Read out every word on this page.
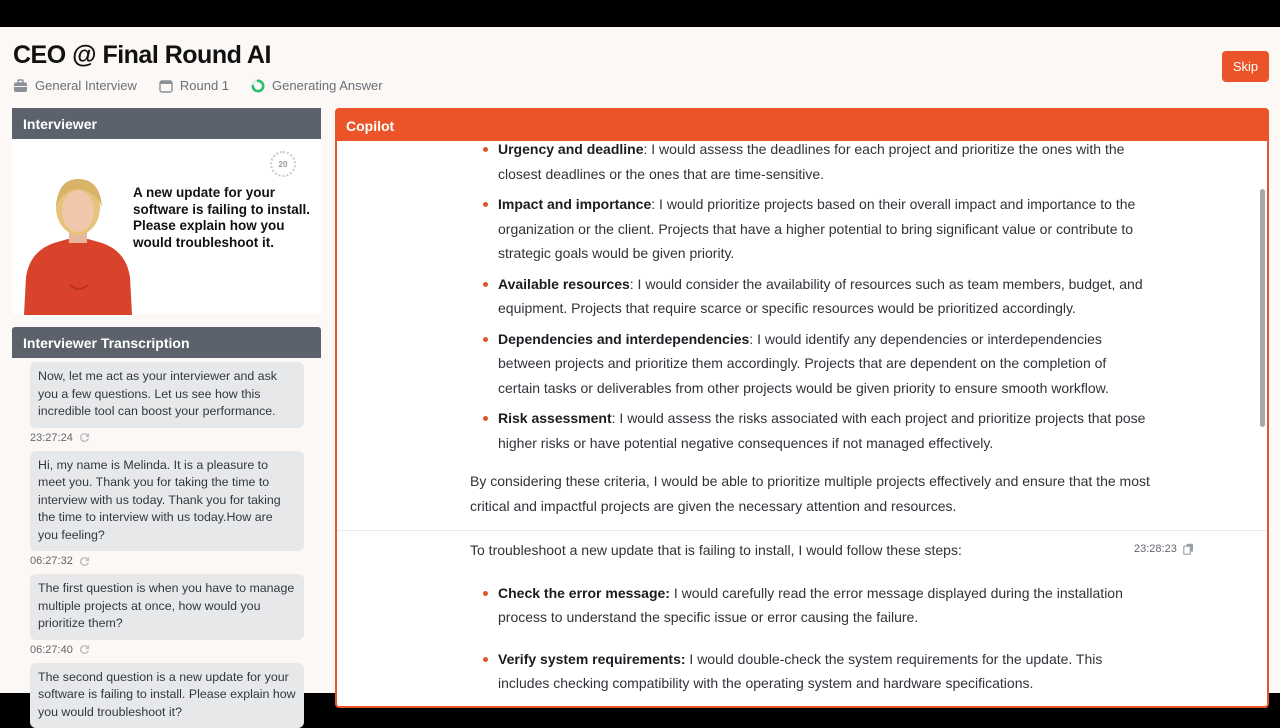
CEO @ Final Round AI
General Interview	Round 1	Generating Answer
Skip
Interviewer
20
A new update for your software is failing to install. Please explain how you would troubleshoot it.
Interviewer Transcription
Now, let me act as your interviewer and ask you a few questions. Let us see how this incredible tool can boost your performance.
23:27:24
Hi, my name is Melinda. It is a pleasure to meet you. Thank you for taking the time to interview with us today. Thank you for taking the time to interview with us today.How are you feeling?
06:27:32
The first question is when you have to manage multiple projects at once, how would you prioritize them?
06:27:40
The second question is a new update for your software is failing to install. Please explain how you would troubleshoot it?
Copilot
Urgency and deadline: I would assess the deadlines for each project and prioritize the ones with the closest deadlines or the ones that are time-sensitive.
Impact and importance: I would prioritize projects based on their overall impact and importance to the organization or the client. Projects that have a higher potential to bring significant value or contribute to strategic goals would be given priority.
Available resources: I would consider the availability of resources such as team members, budget, and equipment. Projects that require scarce or specific resources would be prioritized accordingly.
Dependencies and interdependencies: I would identify any dependencies or interdependencies between projects and prioritize them accordingly. Projects that are dependent on the completion of certain tasks or deliverables from other projects would be given priority to ensure smooth workflow.
Risk assessment: I would assess the risks associated with each project and prioritize projects that pose higher risks or have potential negative consequences if not managed effectively.

By considering these criteria, I would be able to prioritize multiple projects effectively and ensure that the most critical and impactful projects are given the necessary attention and resources.

23:28:23

To troubleshoot a new update that is failing to install, I would follow these steps:

Check the error message: I would carefully read the error message displayed during the installation process to understand the specific issue or error causing the failure.
Verify system requirements: I would double-check the system requirements for the update. This includes checking compatibility with the operating system and hardware specifications.
